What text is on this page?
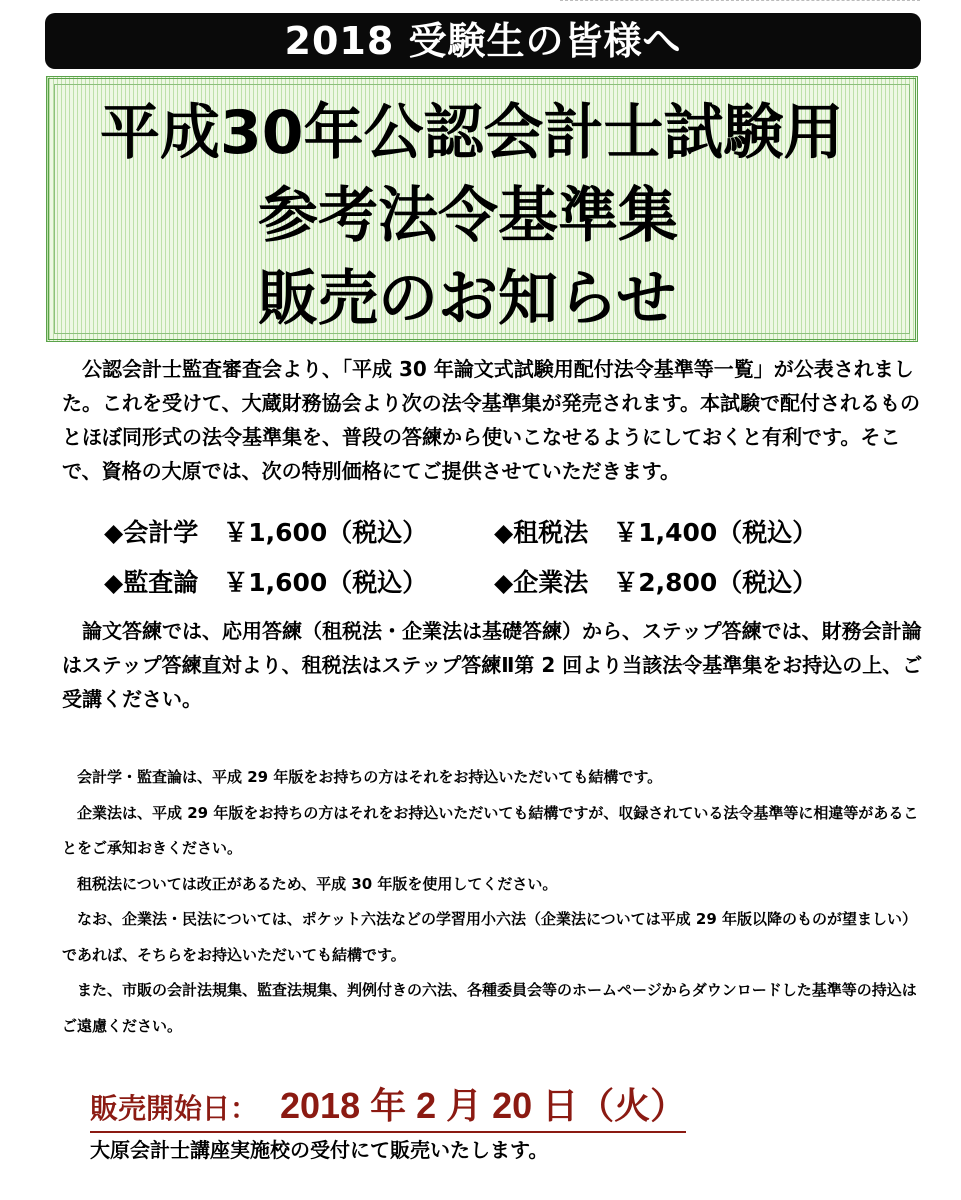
2018 受験生の皆様へ
平成30年公認会計士試験用
参考法令基準集
販売のお知らせ
　公認会計士監査審査会より、「平成 30 年論文式試験用配付法令基準等一覧」が公表されました。これを受けて、大蔵財務協会より次の法令基準集が発売されます。本試験で配付されるものとほぼ同形式の法令基準集を、普段の答練から使いこなせるようにしておくと有利です。そこで、資格の大原では、次の特別価格にてご提供させていただきます。
◆会計学　￥1,600（税込）	◆租税法　￥1,400（税込）
◆監査論　￥1,600（税込）	◆企業法　￥2,800（税込）
　論文答練では、応用答練（租税法・企業法は基礎答練）から、ステップ答練では、財務会計論はステップ答練直対より、租税法はステップ答練Ⅱ第 2 回より当該法令基準集をお持込の上、ご受講ください。

　会計学・監査論は、平成 29 年版をお持ちの方はそれをお持込いただいても結構です。

　企業法は、平成 29 年版をお持ちの方はそれをお持込いただいても結構ですが、収録されている法令基準等に相違等があることをご承知おきください。

　租税法については改正があるため、平成 30 年版を使用してください。

　なお、企業法・民法については、ポケット六法などの学習用小六法（企業法については平成 29 年版以降のものが望ましい）であれば、そちらをお持込いただいても結構です。

　また、市販の会計法規集、監査法規集、判例付きの六法、各種委員会等のホームページからダウンロードした基準等の持込はご遠慮ください。

販売開始日： 2018 年 2 月 20 日（火）
大原会計士講座実施校の受付にて販売いたします。
